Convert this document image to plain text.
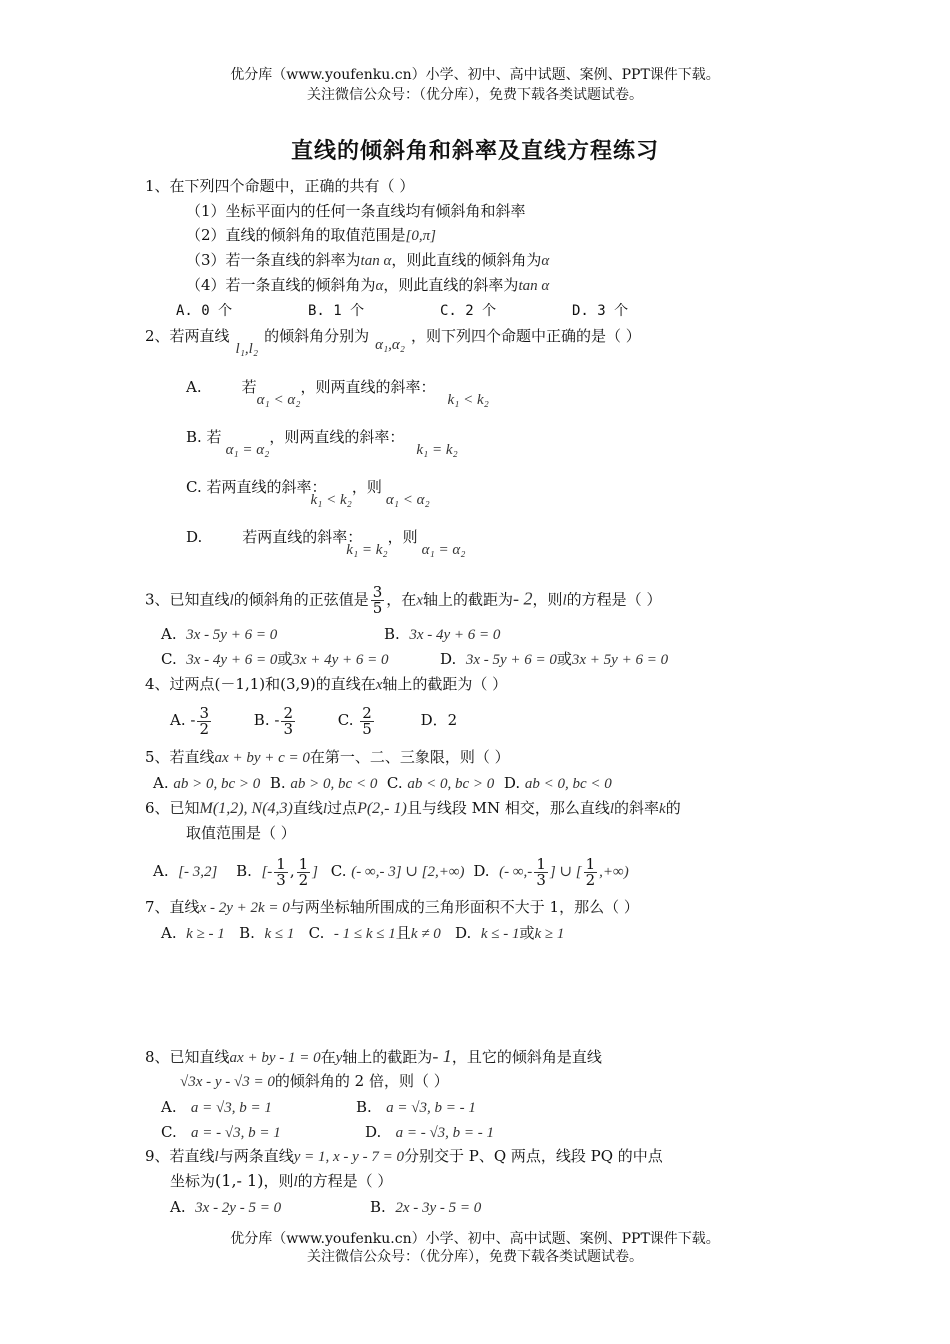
优分库（www.youfenku.cn）小学、初中、高中试题、案例、PPT课件下载。
关注微信公众号：（优分库），免费下载各类试题试卷。
直线的倾斜角和斜率及直线方程练习
1、在下列四个命题中，正确的共有（ ）
（1）坐标平面内的任何一条直线均有倾斜角和斜率
（2）直线的倾斜角的取值范围是[0,π]
（3）若一条直线的斜率为tan α，则此直线的倾斜角为α
（4）若一条直线的倾斜角为α，则此直线的斜率为tan α
A. 0 个         B. 1 个         C. 2 个         D. 3 个
2、若两直线l₁,l₂的倾斜角分别为 α₁,α₂ ，则下列四个命题中正确的是（ ）
A.	若α₁ < α₂，则两直线的斜率：k₁ < k₂
B. 若α₁ = α₂，则两直线的斜率：k₁ = k₂
C. 若两直线的斜率：k₁ < k₂，则α₁ < α₂
D.	若两直线的斜率：k₁ = k₂，则α₁ = α₂
3、已知直线l的倾斜角的正弦值是 $\frac{3}{5}$ ，在x轴上的截距为- 2，则l的方程是（ ）
A. 3x - 5y + 6 = 0	B. 3x - 4y + 6 = 0
C. 3x - 4y + 6 = 0或3x + 4y + 6 = 0	D. 3x - 5y + 6 = 0或3x + 5y + 6 = 0
4、过两点(－1,1)和(3,9)的直线在x轴上的截距为（ ）
A. - $\frac{3}{2}$	B. - $\frac{2}{3}$	C. $\frac{2}{5}$	D．2
5、若直线ax + by + c = 0在第一、二、三象限，则（ ）
A. ab > 0, bc > 0 B. ab > 0, bc < 0 C. ab < 0, bc > 0 D. ab < 0, bc < 0
6、已知M(1,2), N(4,3)直线l过点P(2,- 1)且与线段 MN 相交，那么直线l的斜率k的
取值范围是（ ）
A. [- 3,2] B. [- $\frac{1}{3}$ , $\frac{1}{2}$ ] C. (- ∞,- 3] ∪ [2,+∞) D. (- ∞,- $\frac{1}{3}$ ] ∪ [ $\frac{1}{2}$ ,+∞)
7、直线x - 2y + 2k = 0与两坐标轴所围成的三角形面积不大于 1，那么（ ）
A. k ≥ - 1 B. k ≤ 1 C. - 1 ≤ k ≤ 1且k ≠ 0 D. k ≤ - 1或k ≥ 1
8、已知直线ax + by - 1 = 0在y轴上的截距为- 1，且它的倾斜角是直线
√3x - y - √3 = 0的倾斜角的 2 倍，则（ ）
A. a = √3, b = 1	B. a = √3, b = - 1
C. a = - √3, b = 1	D. a = - √3, b = - 1
9、若直线l与两条直线y = 1, x - y - 7 = 0分别交于 P、Q 两点，线段 PQ 的中点
坐标为(1,- 1)，则l的方程是（ ）
A. 3x - 2y - 5 = 0	B. 2x - 3y - 5 = 0
优分库（www.youfenku.cn）小学、初中、高中试题、案例、PPT课件下载。
关注微信公众号：（优分库），免费下载各类试题试卷。
